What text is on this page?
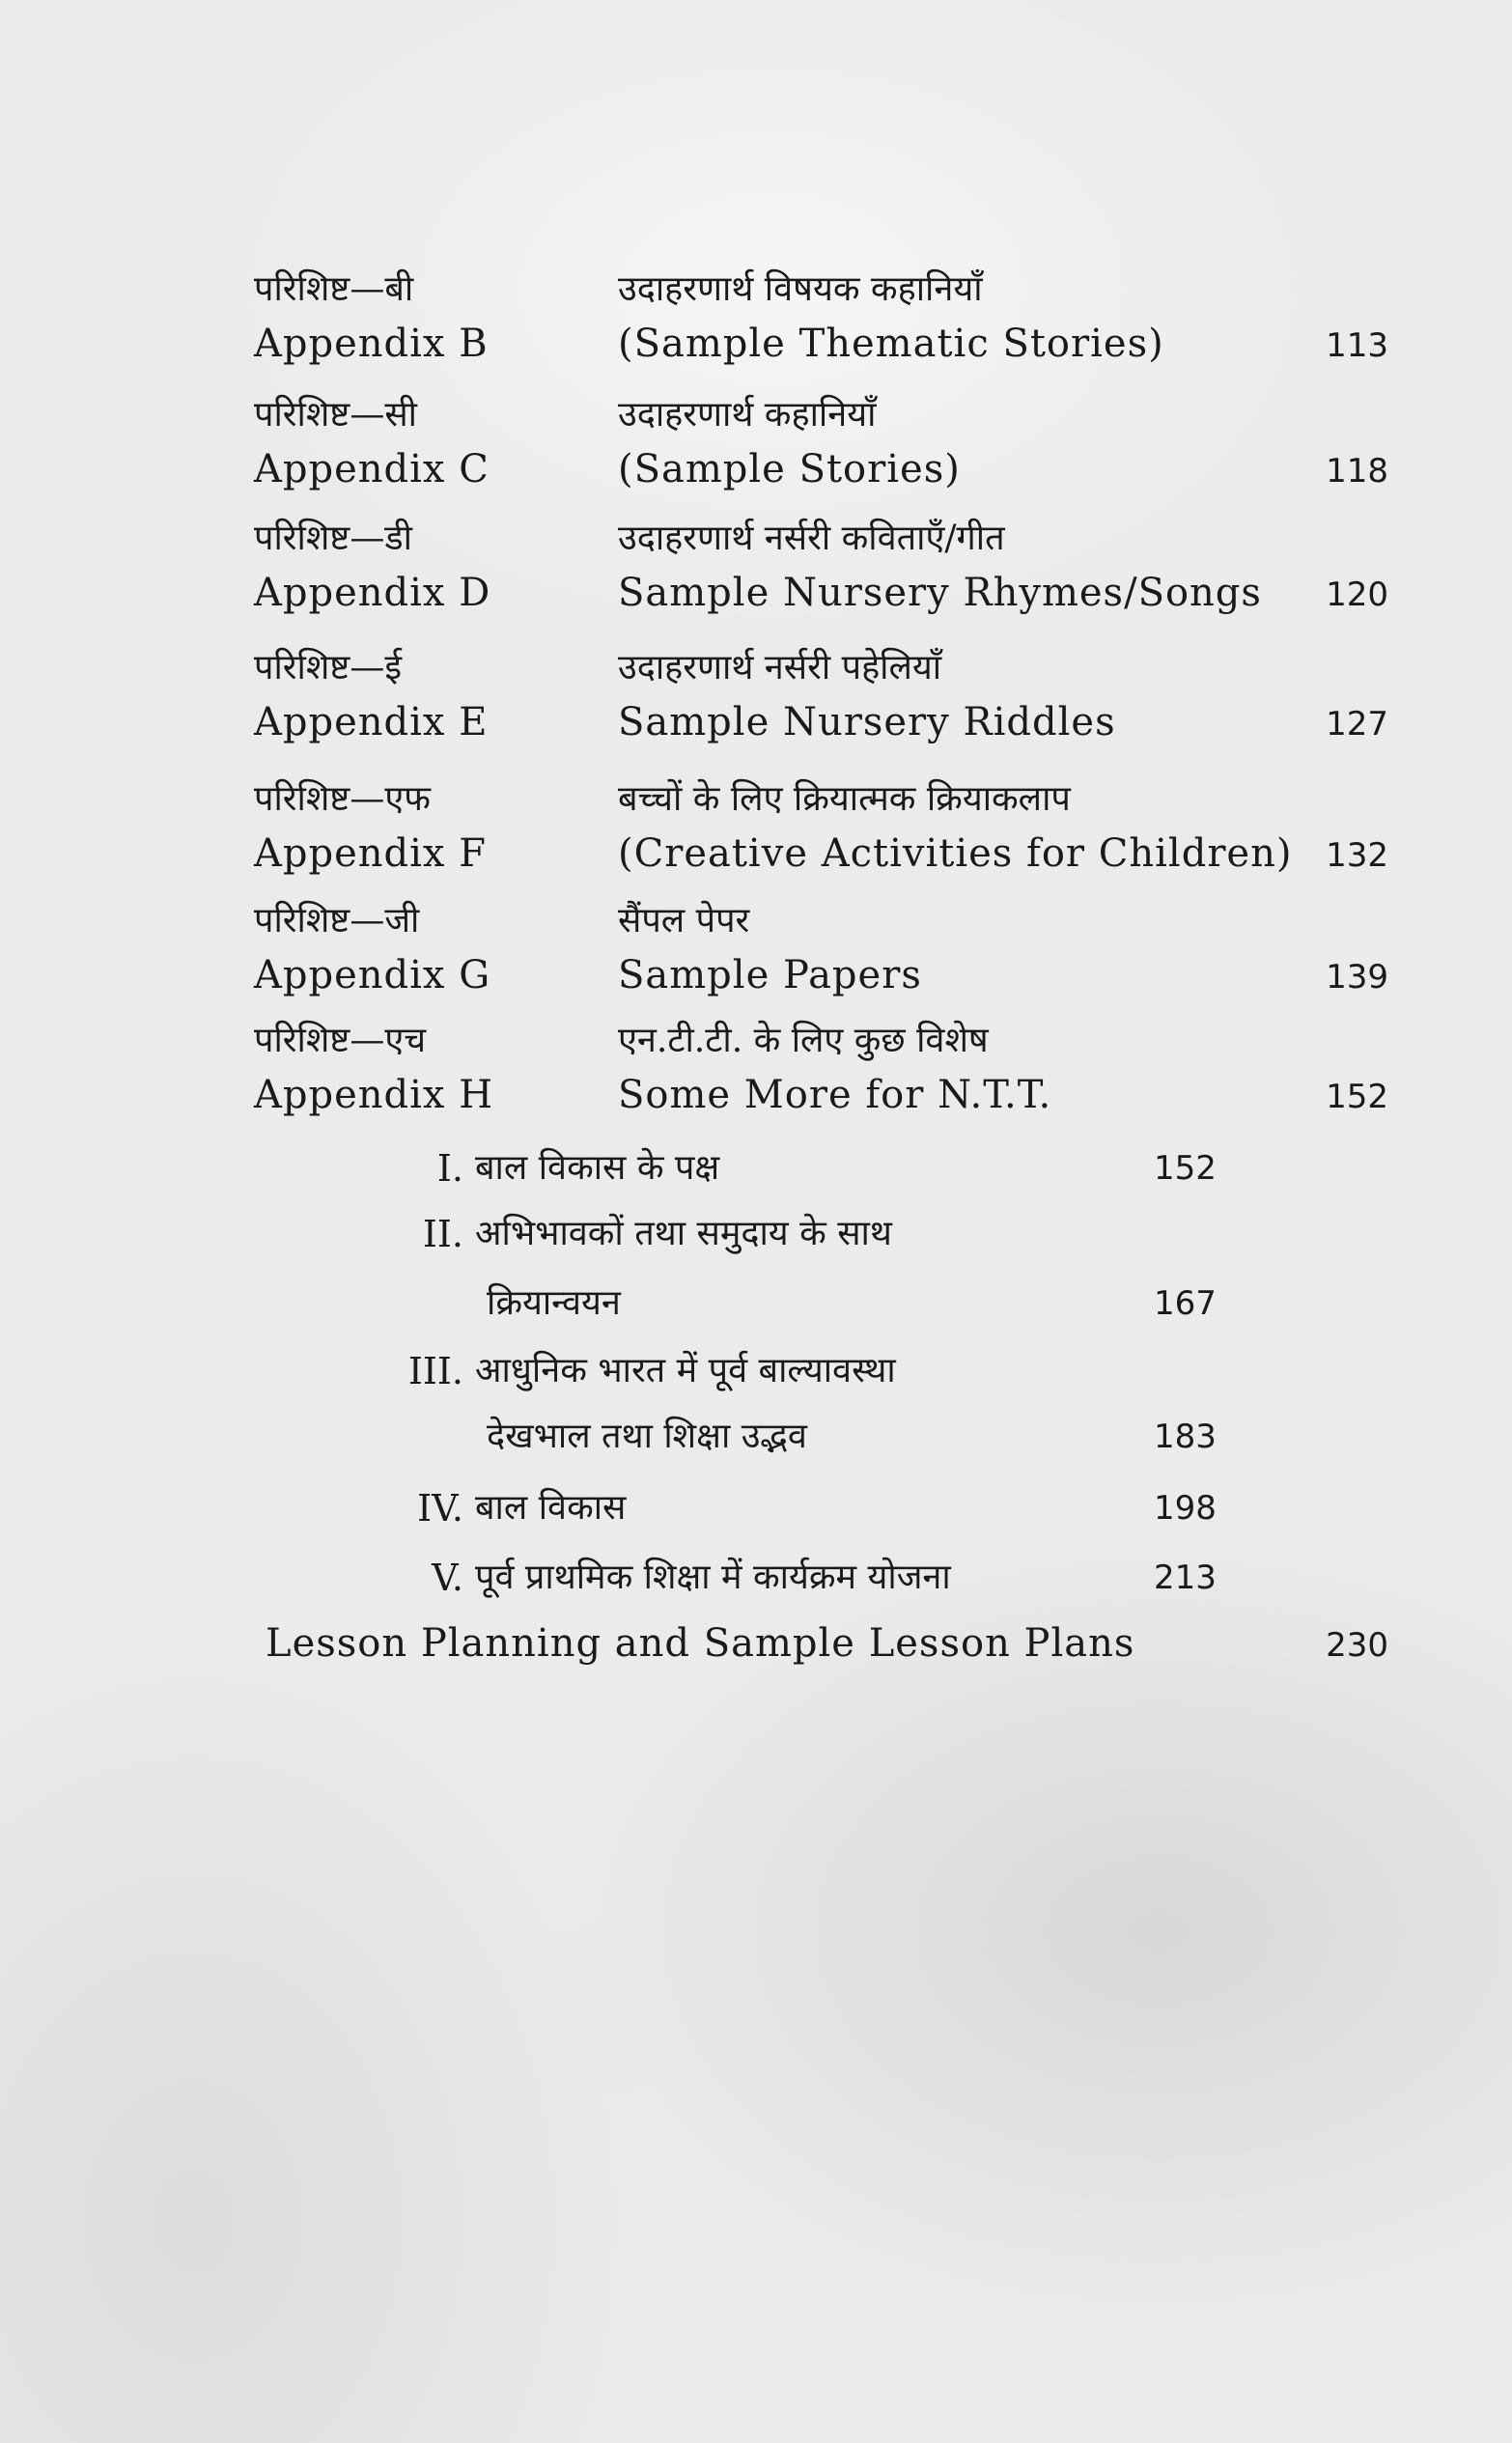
परिशिष्ट—बी	उदाहरणार्थ विषयक कहानियाँ
Appendix B	(Sample Thematic Stories)	113
परिशिष्ट—सी	उदाहरणार्थ कहानियाँ
Appendix C	(Sample Stories)	118
परिशिष्ट—डी	उदाहरणार्थ नर्सरी कविताएँ/गीत
Appendix D	Sample Nursery Rhymes/Songs 120
परिशिष्ट—ई	उदाहरणार्थ नर्सरी पहेलियाँ
Appendix E	Sample Nursery Riddles	127
परिशिष्ट—एफ	बच्चों के लिए क्रियात्मक क्रियाकलाप
Appendix F	(Creative Activities for Children) 132
परिशिष्ट—जी	सैंपल पेपर
Appendix G	Sample Papers	139
परिशिष्ट—एच	एन.टी.टी. के लिए कुछ विशेष
Appendix H	Some More for N.T.T.	152
I. बाल विकास के पक्ष	152
II. अभिभावकों तथा समुदाय के साथ
क्रियान्वयन	167
III. आधुनिक भारत में पूर्व बाल्यावस्था
देखभाल तथा शिक्षा उद्भव	183
IV. बाल विकास	198
V. पूर्व प्राथमिक शिक्षा में कार्यक्रम योजना	213
Lesson Planning and Sample Lesson Plans	230
